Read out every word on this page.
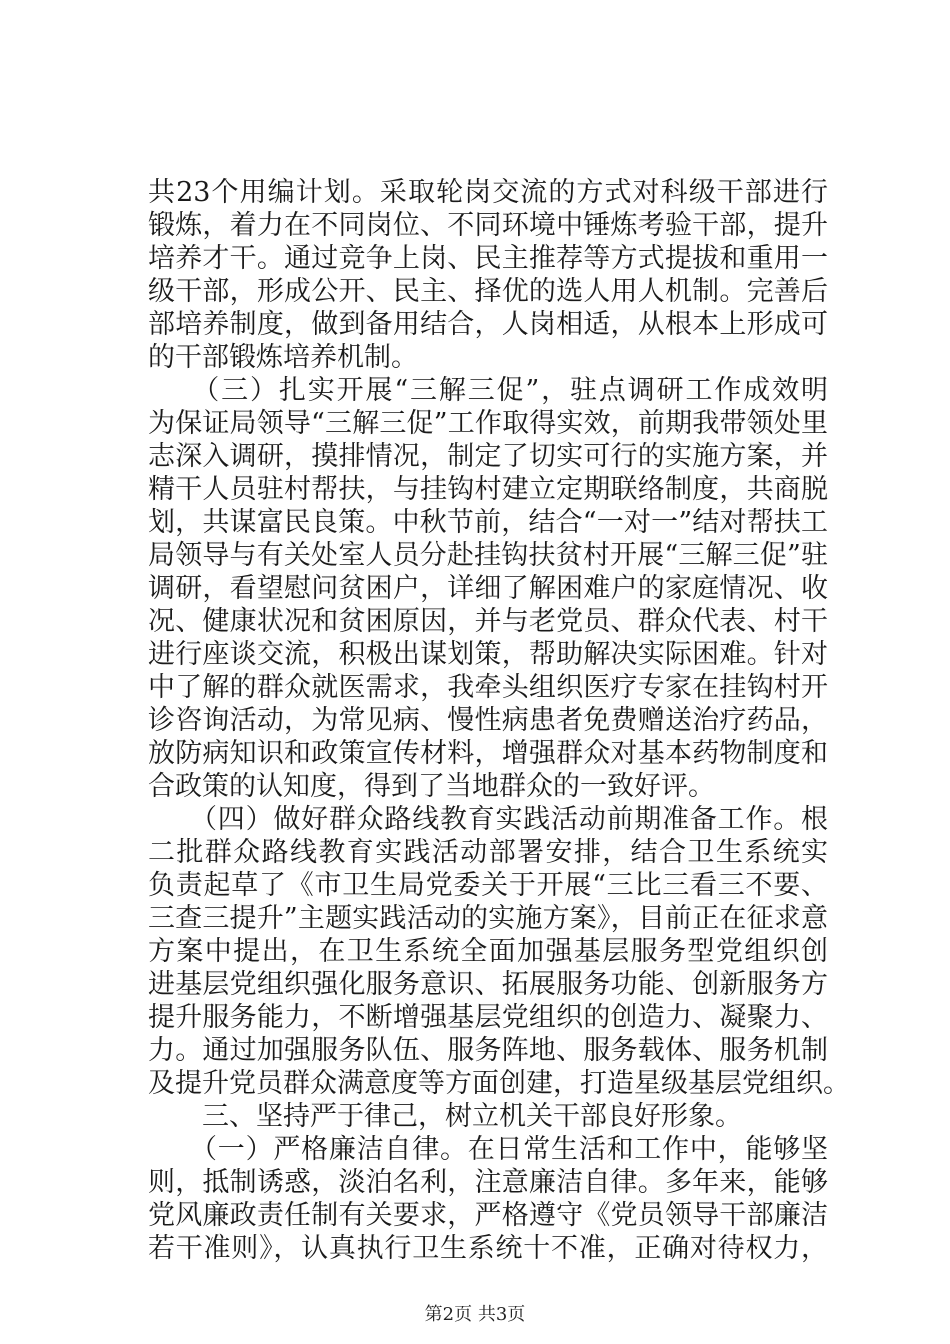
共23个用编计划。采取轮岗交流的方式对科级干部进行
锻炼，着力在不同岗位、不同环境中锤炼考验干部，提升
培养才干。通过竞争上岗、民主推荐等方式提拔和重用一
级干部，形成公开、民主、择优的选人用人机制。完善后
部培养制度，做到备用结合，人岗相适，从根本上形成可
的干部锻炼培养机制。
　　（三）扎实开展“三解三促”，驻点调研工作成效明
为保证局领导“三解三促”工作取得实效，前期我带领处里
志深入调研，摸排情况，制定了切实可行的实施方案，并
精干人员驻村帮扶，与挂钩村建立定期联络制度，共商脱
划，共谋富民良策。中秋节前，结合“一对一”结对帮扶工
局领导与有关处室人员分赴挂钩扶贫村开展“三解三促”驻
调研，看望慰问贫困户，详细了解困难户的家庭情况、收
况、健康状况和贫困原因，并与老党员、群众代表、村干
进行座谈交流，积极出谋划策，帮助解决实际困难。针对
中了解的群众就医需求，我牵头组织医疗专家在挂钩村开
诊咨询活动，为常见病、慢性病患者免费赠送治疗药品，
放防病知识和政策宣传材料，增强群众对基本药物制度和
合政策的认知度，得到了当地群众的一致好评。
　　（四）做好群众路线教育实践活动前期准备工作。根
二批群众路线教育实践活动部署安排，结合卫生系统实
负责起草了《市卫生局党委关于开展“三比三看三不要、
三查三提升”主题实践活动的实施方案》，目前正在征求意
方案中提出，在卫生系统全面加强基层服务型党组织创
进基层党组织强化服务意识、拓展服务功能、创新服务方
提升服务能力，不断增强基层党组织的创造力、凝聚力、
力。通过加强服务队伍、服务阵地、服务载体、服务机制
及提升党员群众满意度等方面创建，打造星级基层党组织。
　　三、坚持严于律己，树立机关干部良好形象。
　　（一）严格廉洁自律。在日常生活和工作中，能够坚
则，抵制诱惑，淡泊名利，注意廉洁自律。多年来，能够
党风廉政责任制有关要求，严格遵守《党员领导干部廉洁
若干准则》，认真执行卫生系统十不准，正确对待权力，
第2页 共3页
